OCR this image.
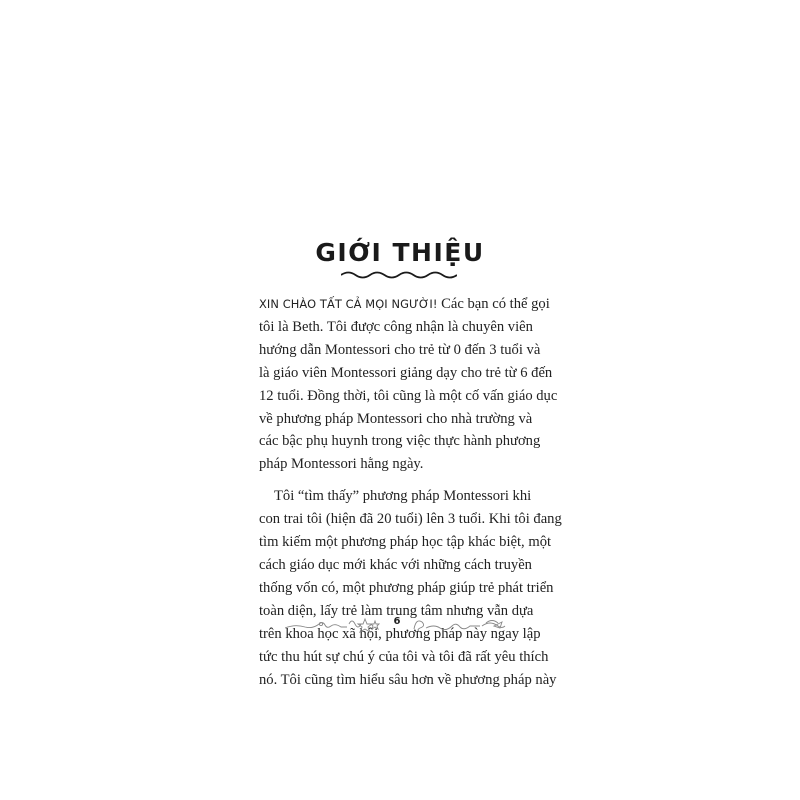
GIỚI THIỆU
XIN CHÀO TẤT CẢ MỌI NGƯỜI! Các bạn có thể gọi
tôi là Beth. Tôi được công nhận là chuyên viên
hướng dẫn Montessori cho trẻ từ 0 đến 3 tuổi và
là giáo viên Montessori giảng dạy cho trẻ từ 6 đến
12 tuổi. Đồng thời, tôi cũng là một cố vấn giáo dục
về phương pháp Montessori cho nhà trường và
các bậc phụ huynh trong việc thực hành phương
pháp Montessori hằng ngày.
Tôi “tìm thấy” phương pháp Montessori khi
con trai tôi (hiện đã 20 tuổi) lên 3 tuổi. Khi tôi đang
tìm kiếm một phương pháp học tập khác biệt, một
cách giáo dục mới khác với những cách truyền
thống vốn có, một phương pháp giúp trẻ phát triển
toàn diện, lấy trẻ làm trung tâm nhưng vẫn dựa
trên khoa học xã hội, phương pháp này ngay lập
tức thu hút sự chú ý của tôi và tôi đã rất yêu thích
nó. Tôi cũng tìm hiểu sâu hơn về phương pháp này
6
